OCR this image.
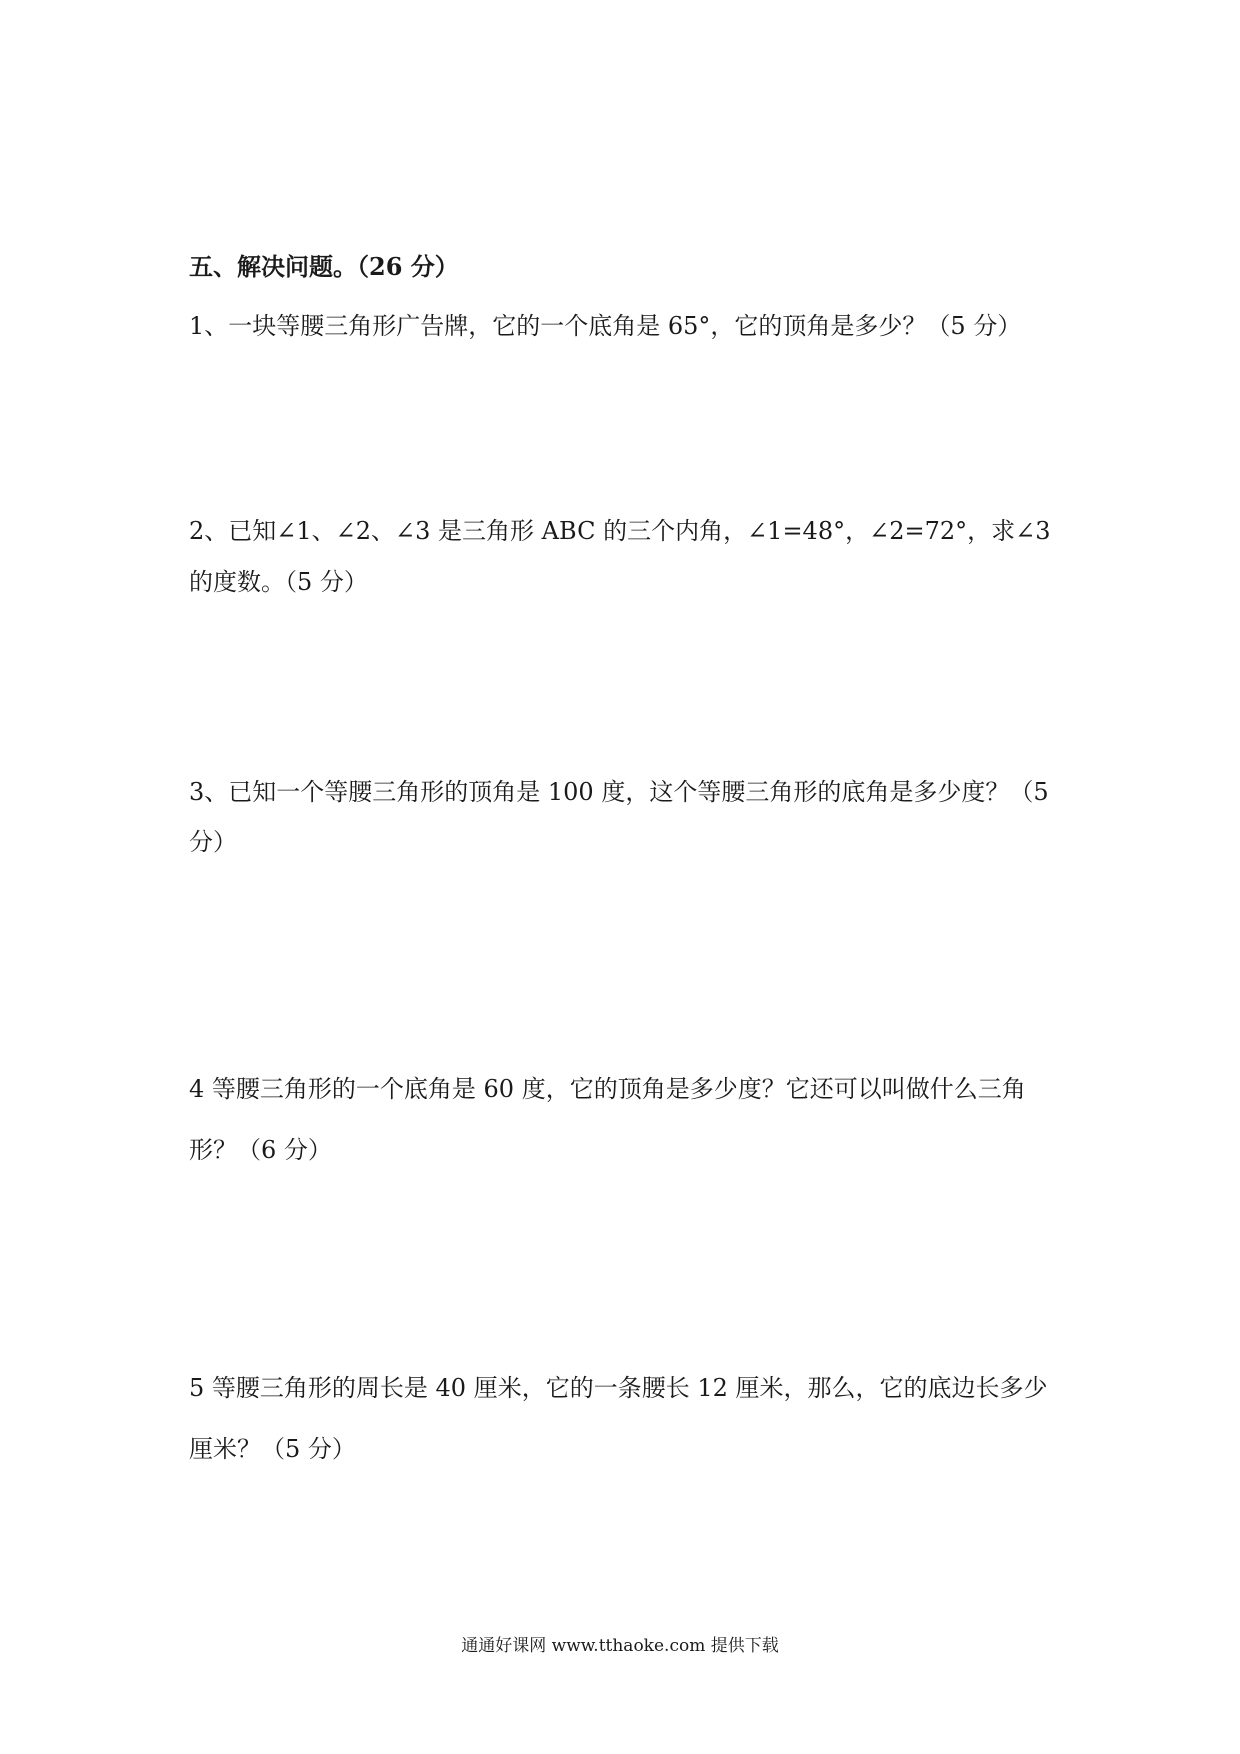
五、解决问题。（26 分）
1、一块等腰三角形广告牌，它的一个底角是 65°，它的顶角是多少？（5 分）
2、已知∠1、∠2、∠3 是三角形 ABC 的三个内角，∠1=48°，∠2=72°，求∠3
的度数。（5 分）
3、已知一个等腰三角形的顶角是 100 度，这个等腰三角形的底角是多少度？（5
分）
4 等腰三角形的一个底角是 60 度，它的顶角是多少度？它还可以叫做什么三角
形？（6 分）
5 等腰三角形的周长是 40 厘米，它的一条腰长 12 厘米，那么，它的底边长多少
厘米？（5 分）
通通好课网 www.tthaoke.com 提供下载
